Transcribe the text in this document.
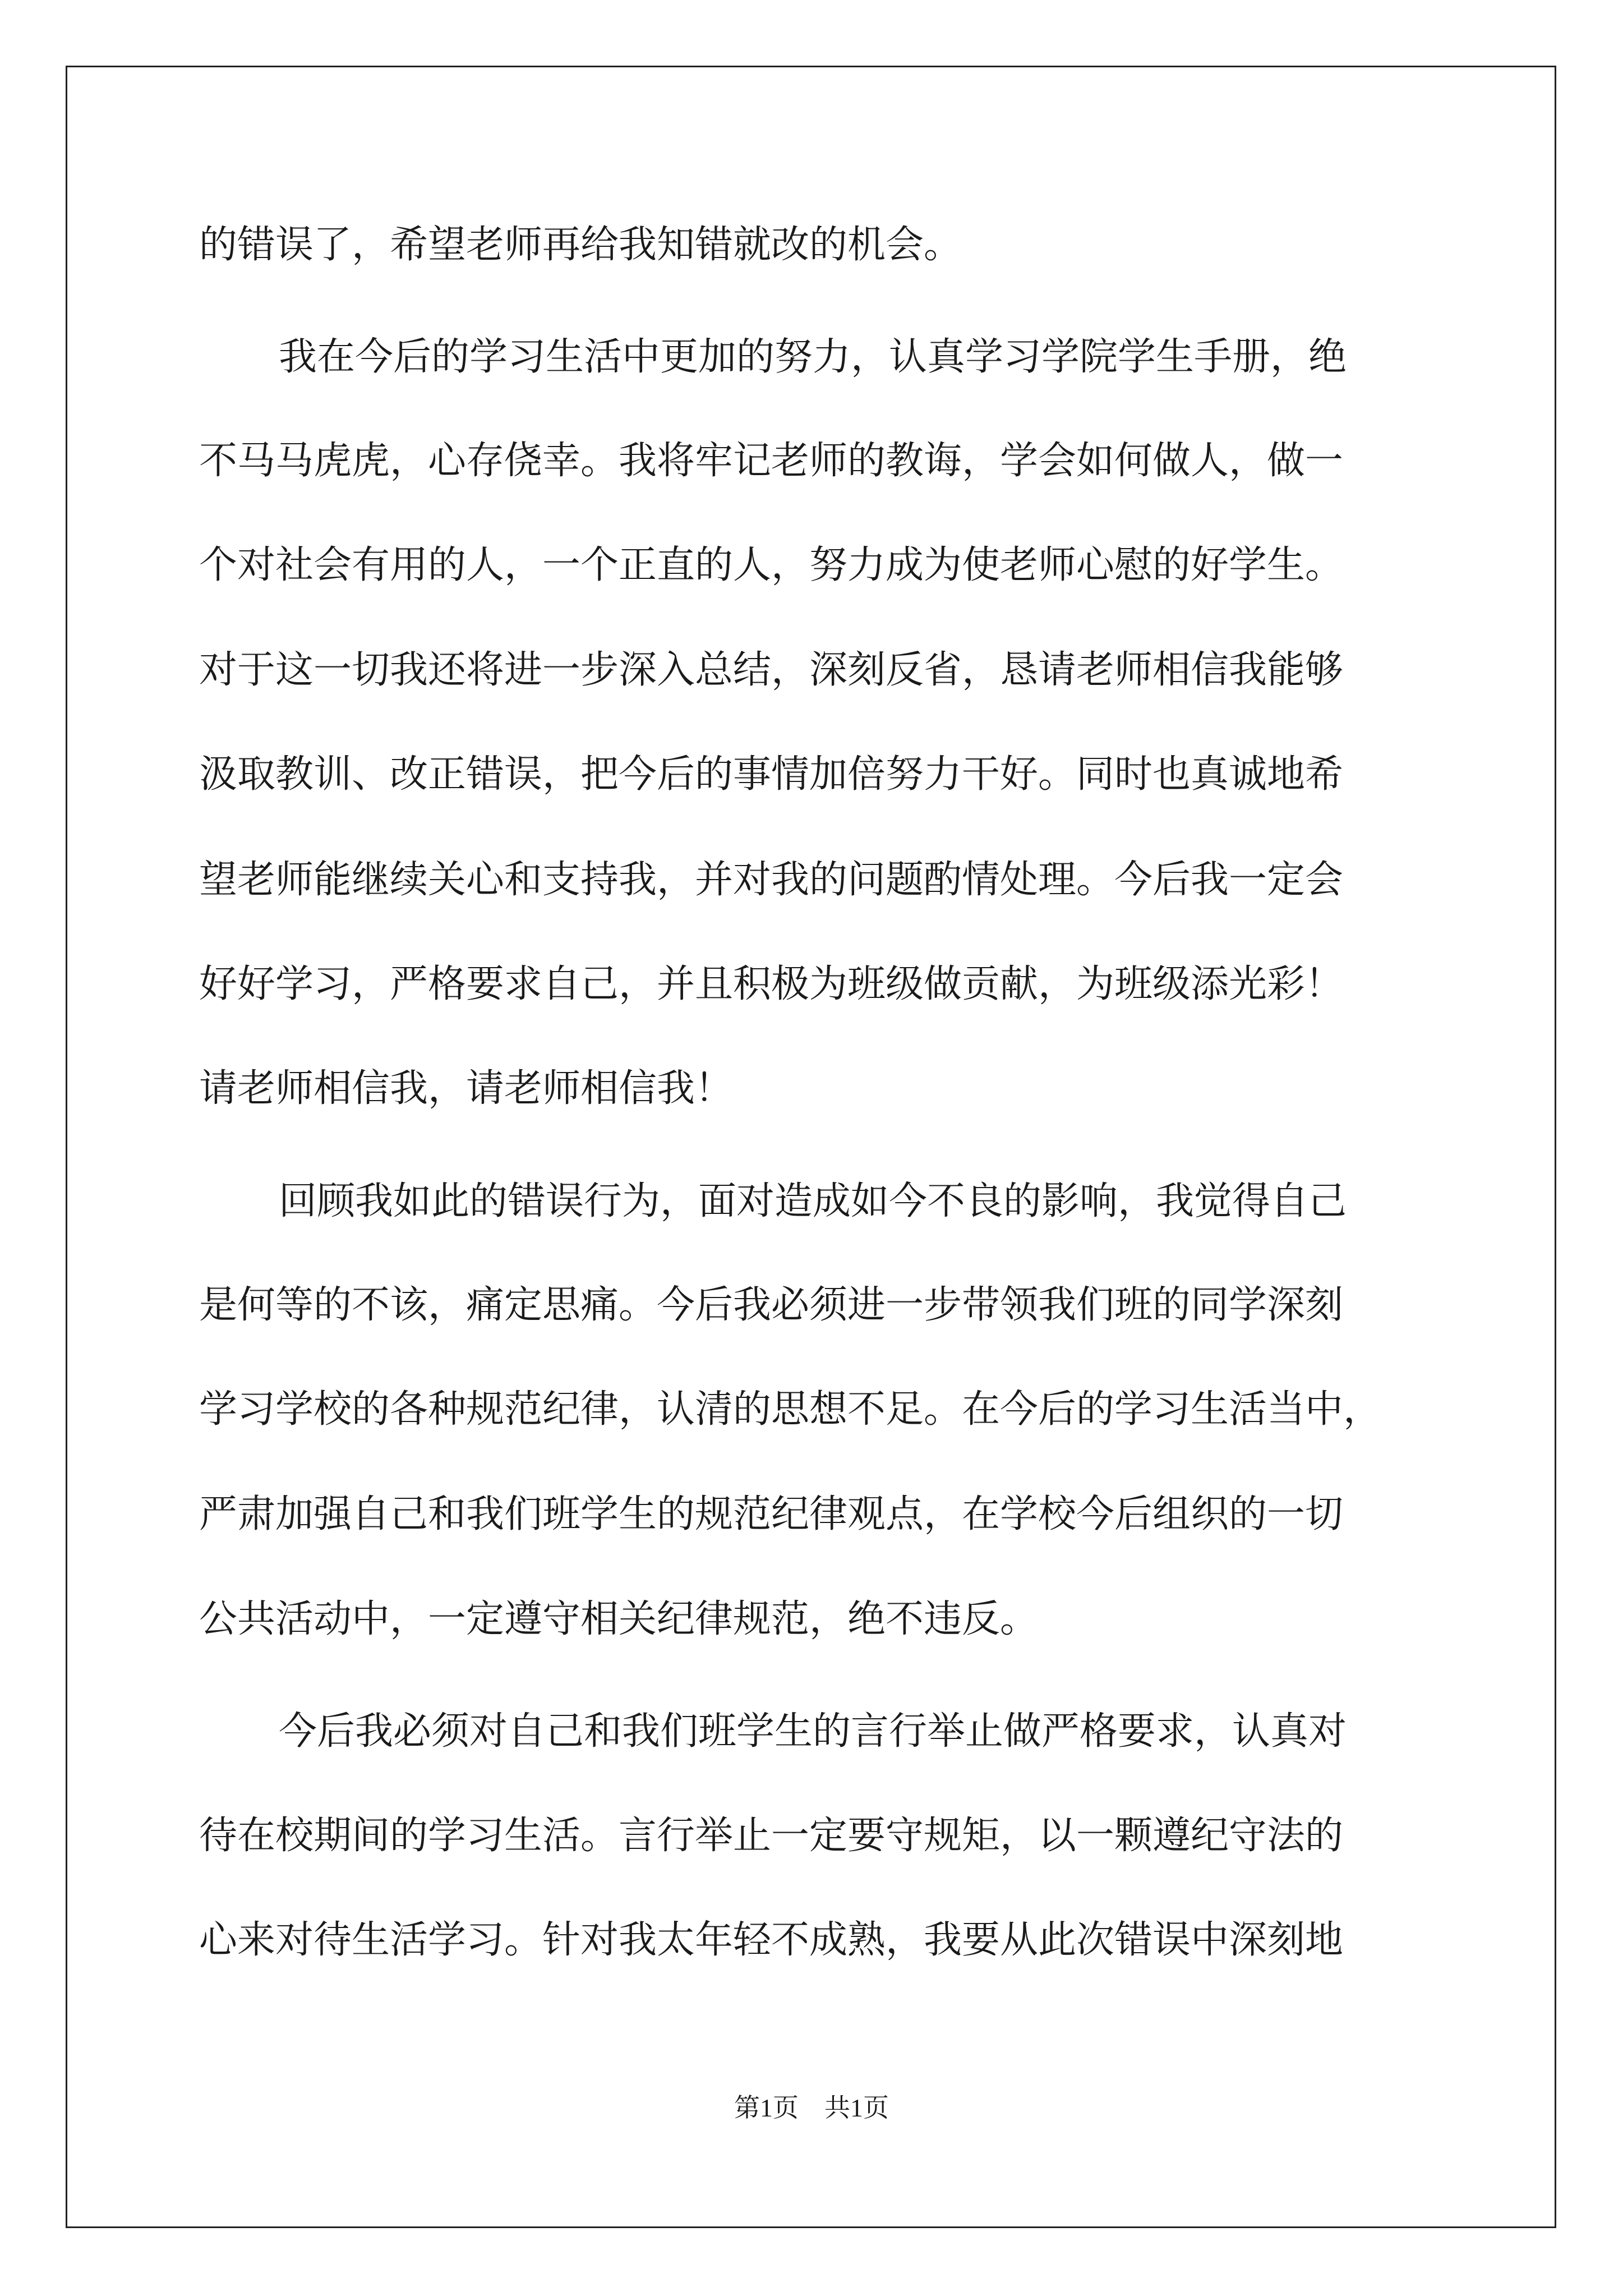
的错误了，希望老师再给我知错就改的机会。

我在今后的学习生活中更加的努力，认真学习学院学生手册，绝

不马马虎虎，心存侥幸。我将牢记老师的教诲，学会如何做人，做一

个对社会有用的人，一个正直的人，努力成为使老师心慰的好学生。

对于这一切我还将进一步深入总结，深刻反省，恳请老师相信我能够

汲取教训、改正错误，把今后的事情加倍努力干好。同时也真诚地希

望老师能继续关心和支持我，并对我的问题酌情处理。今后我一定会

好好学习，严格要求自己，并且积极为班级做贡献，为班级添光彩！

请老师相信我，请老师相信我！

回顾我如此的错误行为，面对造成如今不良的影响，我觉得自己

是何等的不该，痛定思痛。今后我必须进一步带领我们班的同学深刻

学习学校的各种规范纪律，认清的思想不足。在今后的学习生活当中，

严肃加强自己和我们班学生的规范纪律观点，在学校今后组织的一切

公共活动中，一定遵守相关纪律规范，绝不违反。

今后我必须对自己和我们班学生的言行举止做严格要求，认真对

待在校期间的学习生活。言行举止一定要守规矩，以一颗遵纪守法的

心来对待生活学习。针对我太年轻不成熟，我要从此次错误中深刻地

第1页　共1页
